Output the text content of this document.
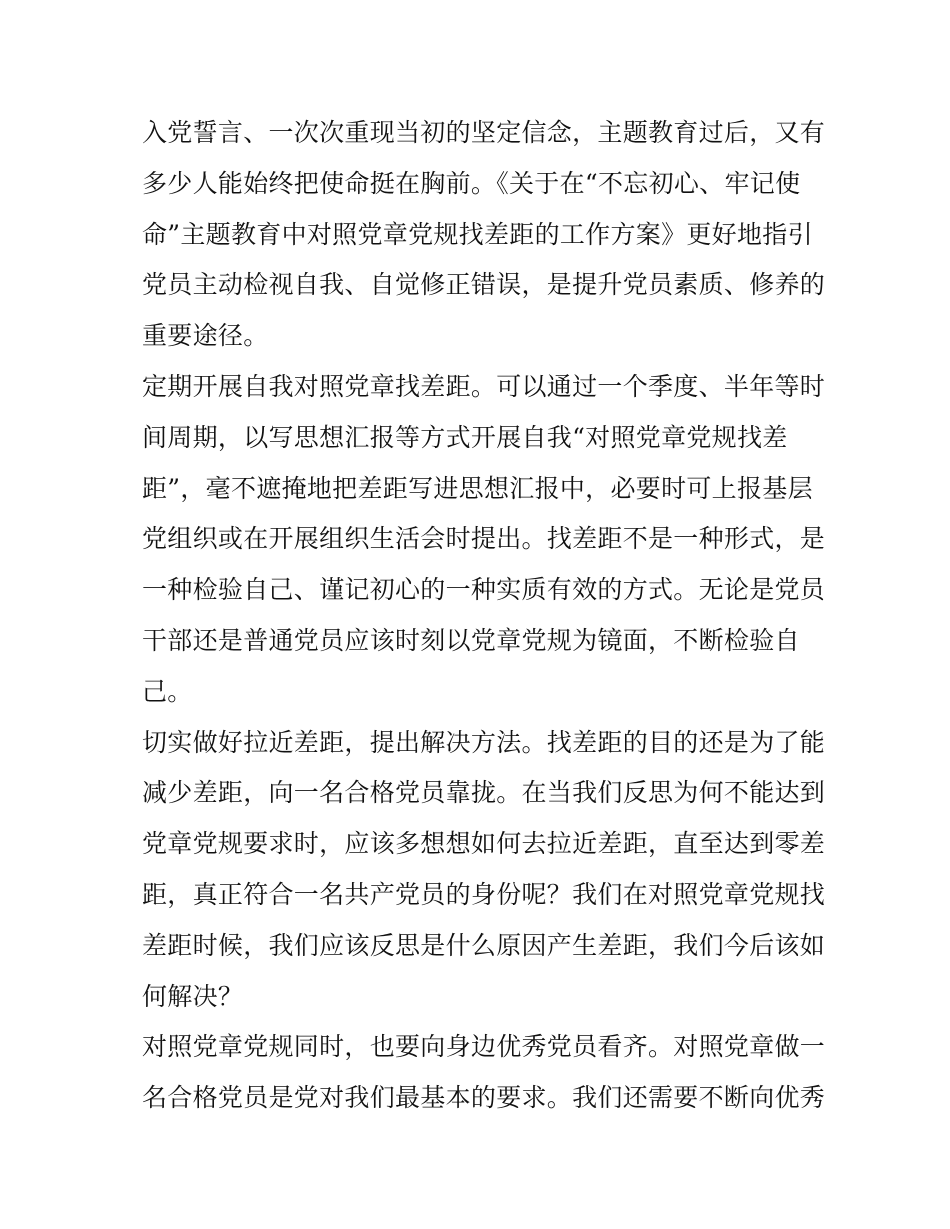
入党誓言、一次次重现当初的坚定信念，主题教育过后，又有
多少人能始终把使命挺在胸前。《关于在“不忘初心、牢记使
命”主题教育中对照党章党规找差距的工作方案》更好地指引
党员主动检视自我、自觉修正错误，是提升党员素质、修养的
重要途径。
定期开展自我对照党章找差距。可以通过一个季度、半年等时
间周期，以写思想汇报等方式开展自我“对照党章党规找差
距”，毫不遮掩地把差距写进思想汇报中，必要时可上报基层
党组织或在开展组织生活会时提出。找差距不是一种形式，是
一种检验自己、谨记初心的一种实质有效的方式。无论是党员
干部还是普通党员应该时刻以党章党规为镜面，不断检验自
己。
切实做好拉近差距，提出解决方法。找差距的目的还是为了能
减少差距，向一名合格党员靠拢。在当我们反思为何不能达到
党章党规要求时，应该多想想如何去拉近差距，直至达到零差
距，真正符合一名共产党员的身份呢？我们在对照党章党规找
差距时候，我们应该反思是什么原因产生差距，我们今后该如
何解决？
对照党章党规同时，也要向身边优秀党员看齐。对照党章做一
名合格党员是党对我们最基本的要求。我们还需要不断向优秀
